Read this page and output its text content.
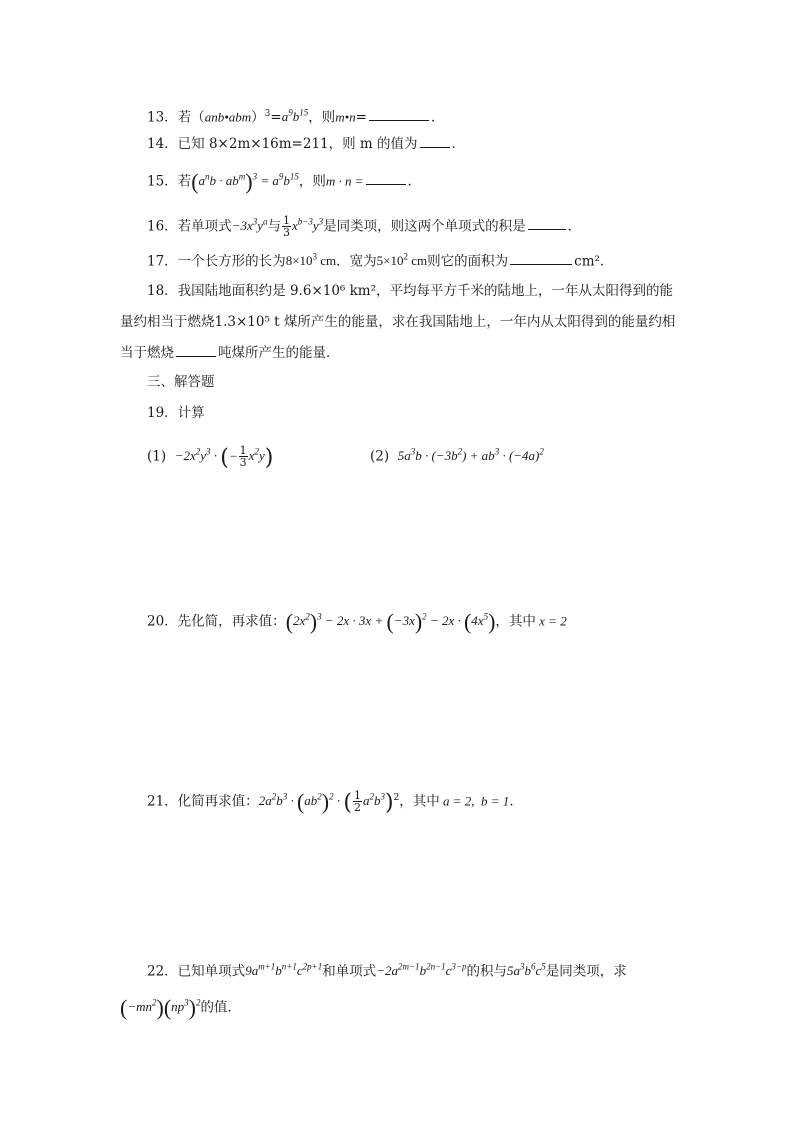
13．若$(anb•abm)^3=a^9b^{15}$，则m•n=	．
14．已知 8×2m×16m=211，则 m 的值为	．
15．若$(a^nb \cdot ab^m)^3 = a^9b^{15}$，则m · n =	.
16．若单项式$-3x^3y^a$与 $\frac{1}{3} x^{b-3}y^3$是同类项，则这两个单项式的积是	．
17．一个长方形的长为$8\times 10^3$ cm．宽为$5\times 10^2$ cm则它的面积为	cm²．
18．我国陆地面积约是 9.6×10⁶ km²，平均每平方千米的陆地上，一年从太阳得到的能
量约相当于燃烧1.3×10⁵ t 煤所产生的能量，求在我国陆地上，一年内从太阳得到的能量约相
当于燃烧	吨煤所产生的能量．
三、解答题
19．计算
$(1) -2x^2y^3$ · (− $\frac{1}{3} x^2y$)	(2) $5a^3b \cdot (-3b^2) + ab^3 \cdot (-4a)^2$
20．先化简，再求值：$(2x^2)^3 - 2x \cdot 3x + (-3x)^2 - 2x \cdot (4x^5)$，其中 x = 2
21．化简再求值：$2a^2b^3 \cdot (ab^2)^2$ · ( $\frac{1}{2} a^2b^3)^2$，其中 a = 2,  b = 1．
22．已知单项式$9a^{m+1}b^{n+1}c^{2p+1}$和单项式$-2a^{2m-1}b^{2n-1}c^{3-p}$的积与$5a^3b^6c^5$是同类项，求
$(-mn^2)(np^3)^2$的值．
